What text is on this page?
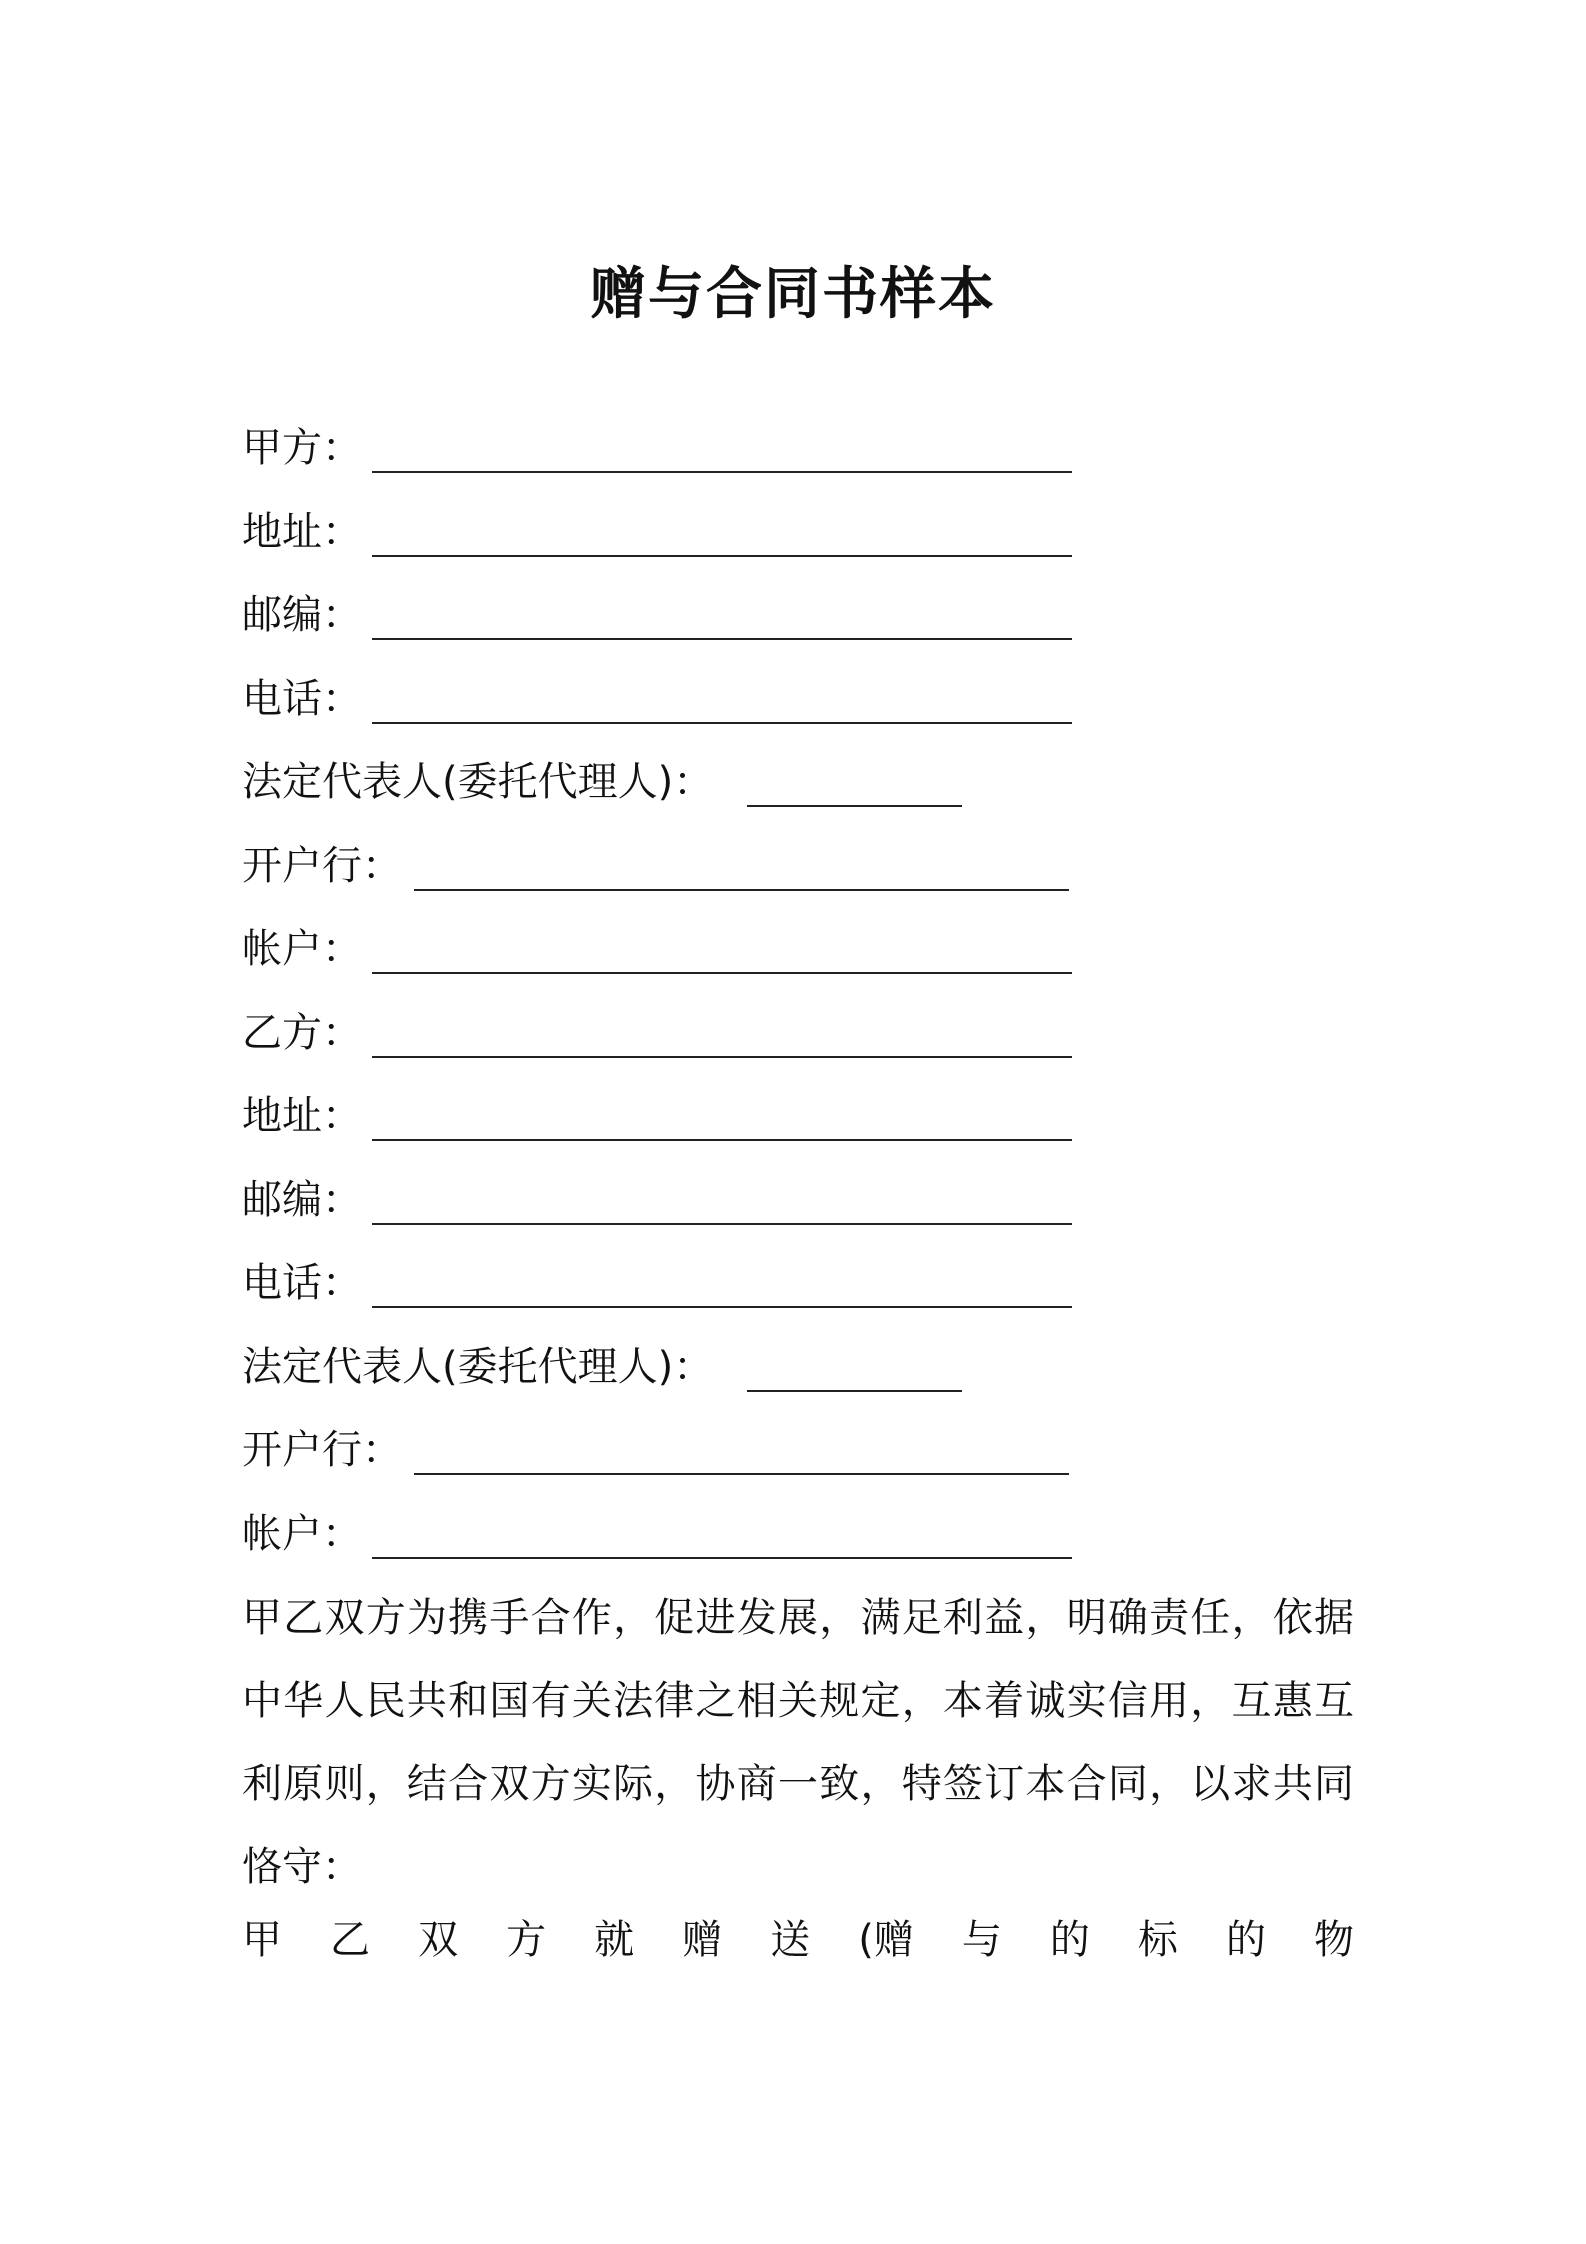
赠与合同书样本
甲方：
地址：
邮编：
电话：
法定代表人(委托代理人)：
开户行：
帐户：
乙方：
地址：
邮编：
电话：
法定代表人(委托代理人)：
开户行：
帐户：
甲乙双方为携手合作，促进发展，满足利益，明确责任，依据中华人民共和国有关法律之相关规定，本着诚实信用，互惠互利原则，结合双方实际，协商一致，特签订本合同，以求共同恪守：
甲 乙 双 方 就 赠 送 (赠 与 的 标 的 物
